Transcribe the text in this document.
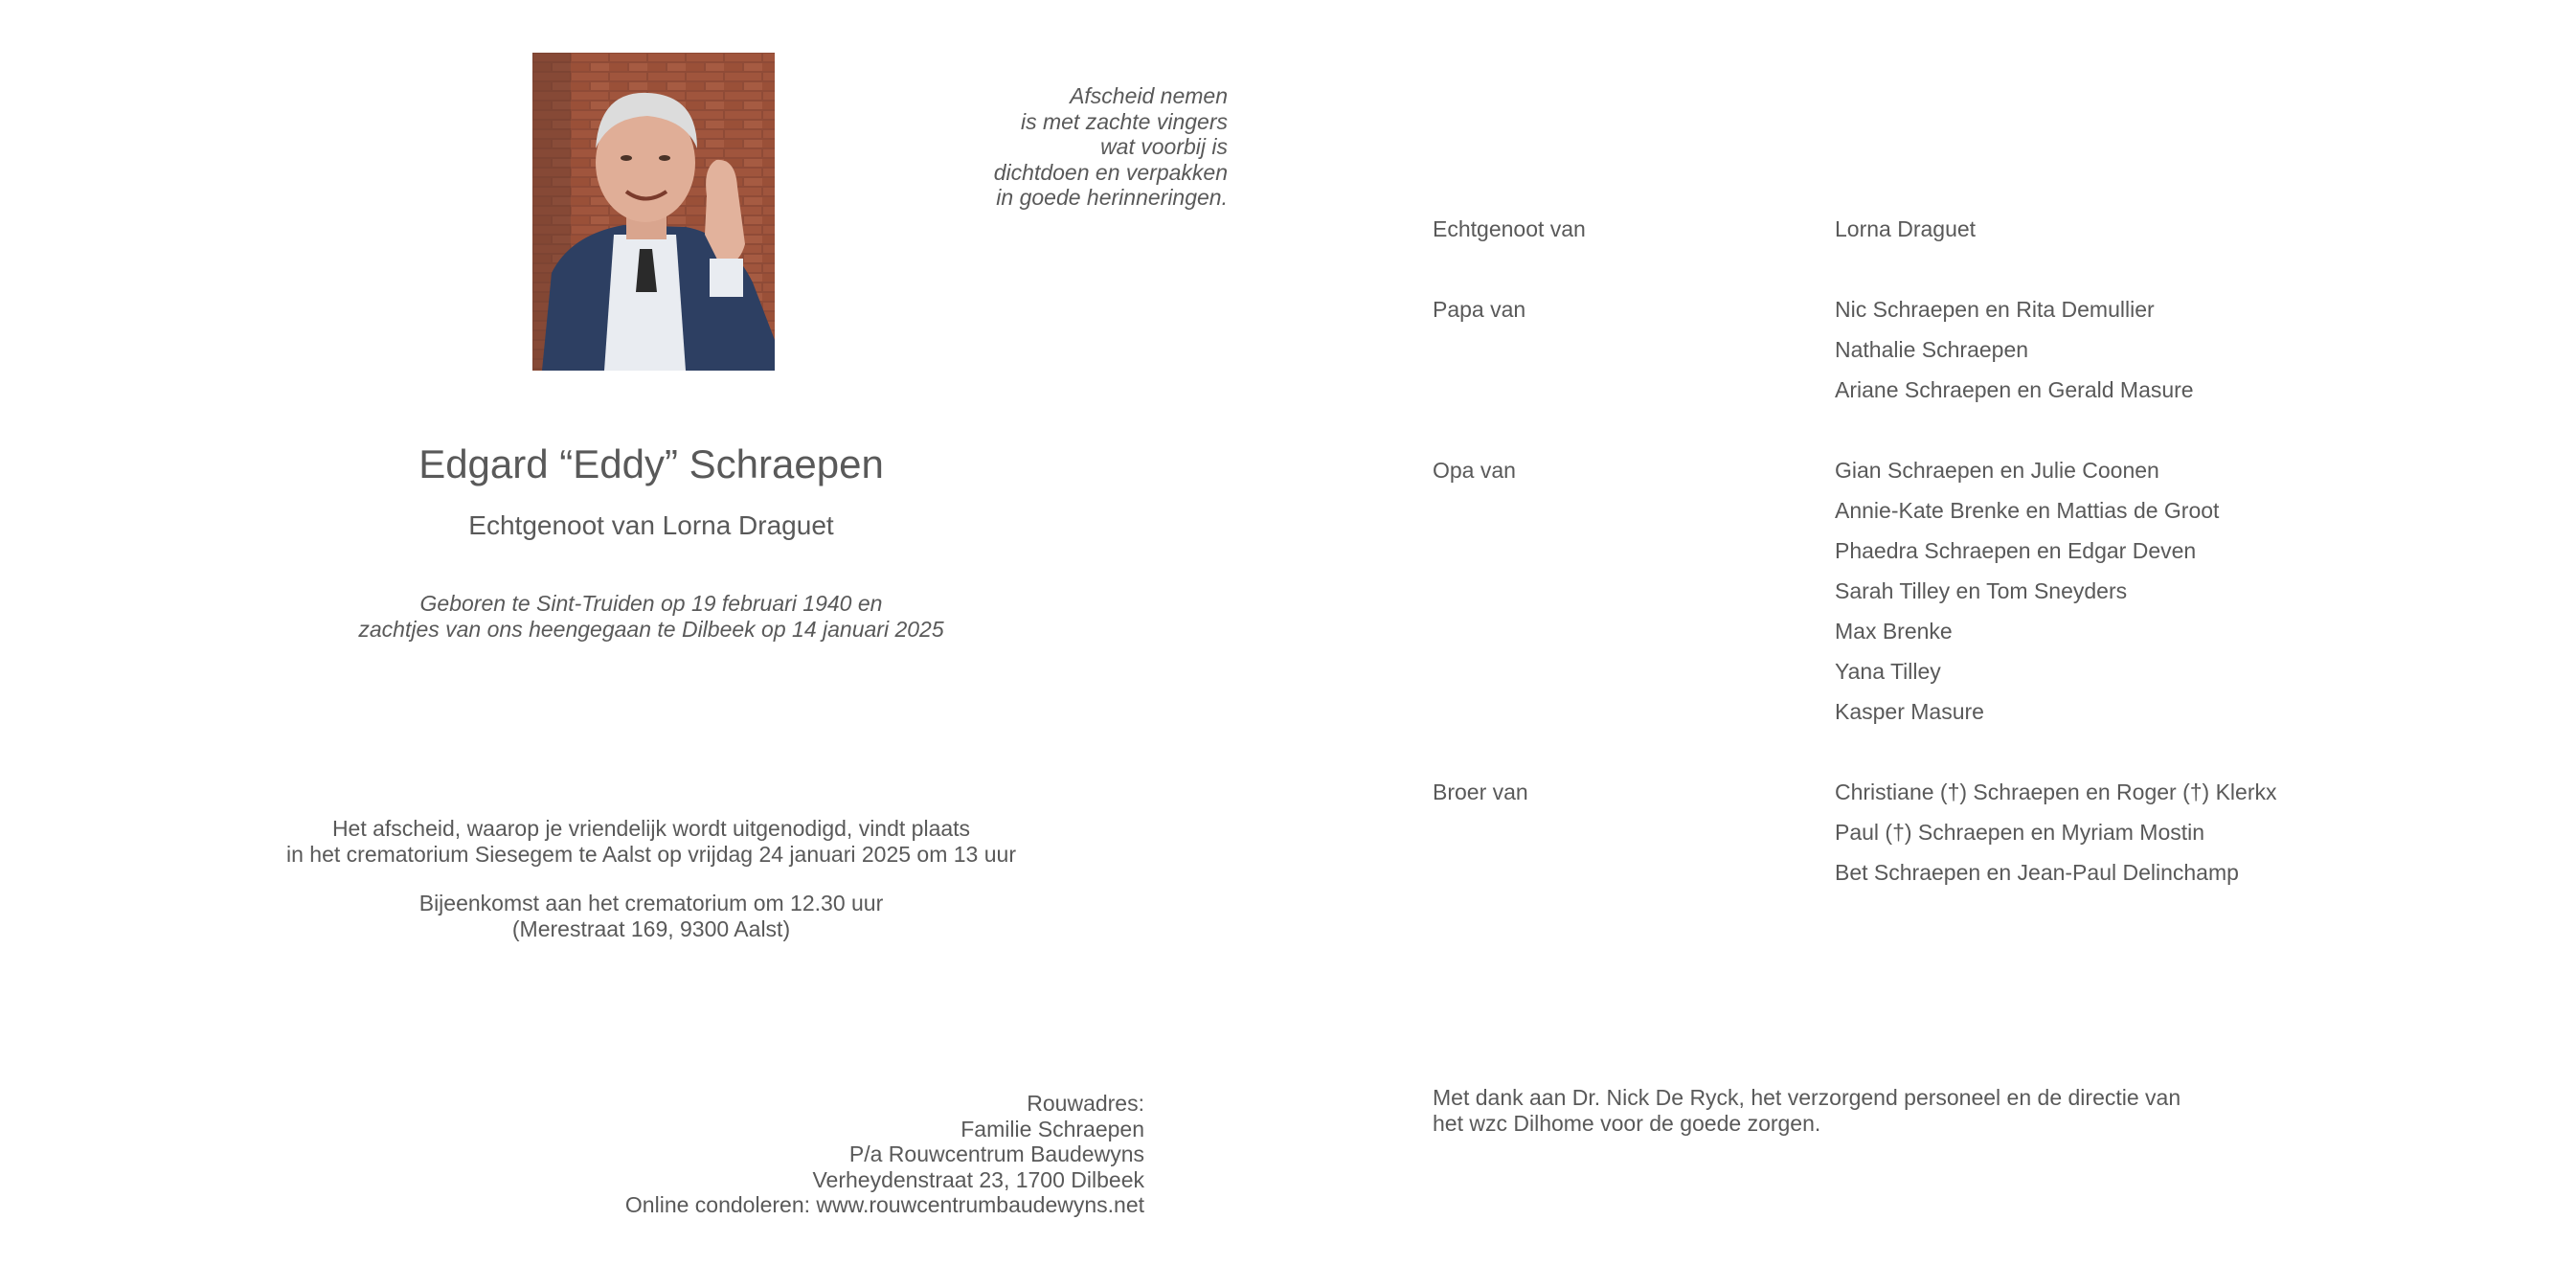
Afscheid nemen
is met zachte vingers
wat voorbij is
dichtdoen en verpakken
in goede herinneringen.
Edgard “Eddy” Schraepen
Echtgenoot van Lorna Draguet
Geboren te Sint-Truiden op 19 februari 1940 en
zachtjes van ons heengegaan te Dilbeek op 14 januari 2025
Het afscheid, waarop je vriendelijk wordt uitgenodigd, vindt plaats
in het crematorium Siesegem te Aalst op vrijdag 24 januari 2025 om 13 uur
Bijeenkomst aan het crematorium om 12.30 uur
(Merestraat 169, 9300 Aalst)
Rouwadres:
Familie Schraepen
P/a Rouwcentrum Baudewyns
Verheydenstraat 23, 1700 Dilbeek
Online condoleren: www.rouwcentrumbaudewyns.net
Echtgenoot van	Lorna Draguet
Papa van	Nic Schraepen en Rita Demullier
Nathalie Schraepen
Ariane Schraepen en Gerald Masure
Opa van	Gian Schraepen en Julie Coonen
Annie-Kate Brenke en Mattias de Groot
Phaedra Schraepen en Edgar Deven
Sarah Tilley en Tom Sneyders
Max Brenke
Yana Tilley
Kasper Masure
Broer van	Christiane (†) Schraepen en Roger (†) Klerkx
Paul (†) Schraepen en Myriam Mostin
Bet Schraepen en Jean-Paul Delinchamp
Met dank aan Dr. Nick De Ryck, het verzorgend personeel en de directie van
het wzc Dilhome voor de goede zorgen.
